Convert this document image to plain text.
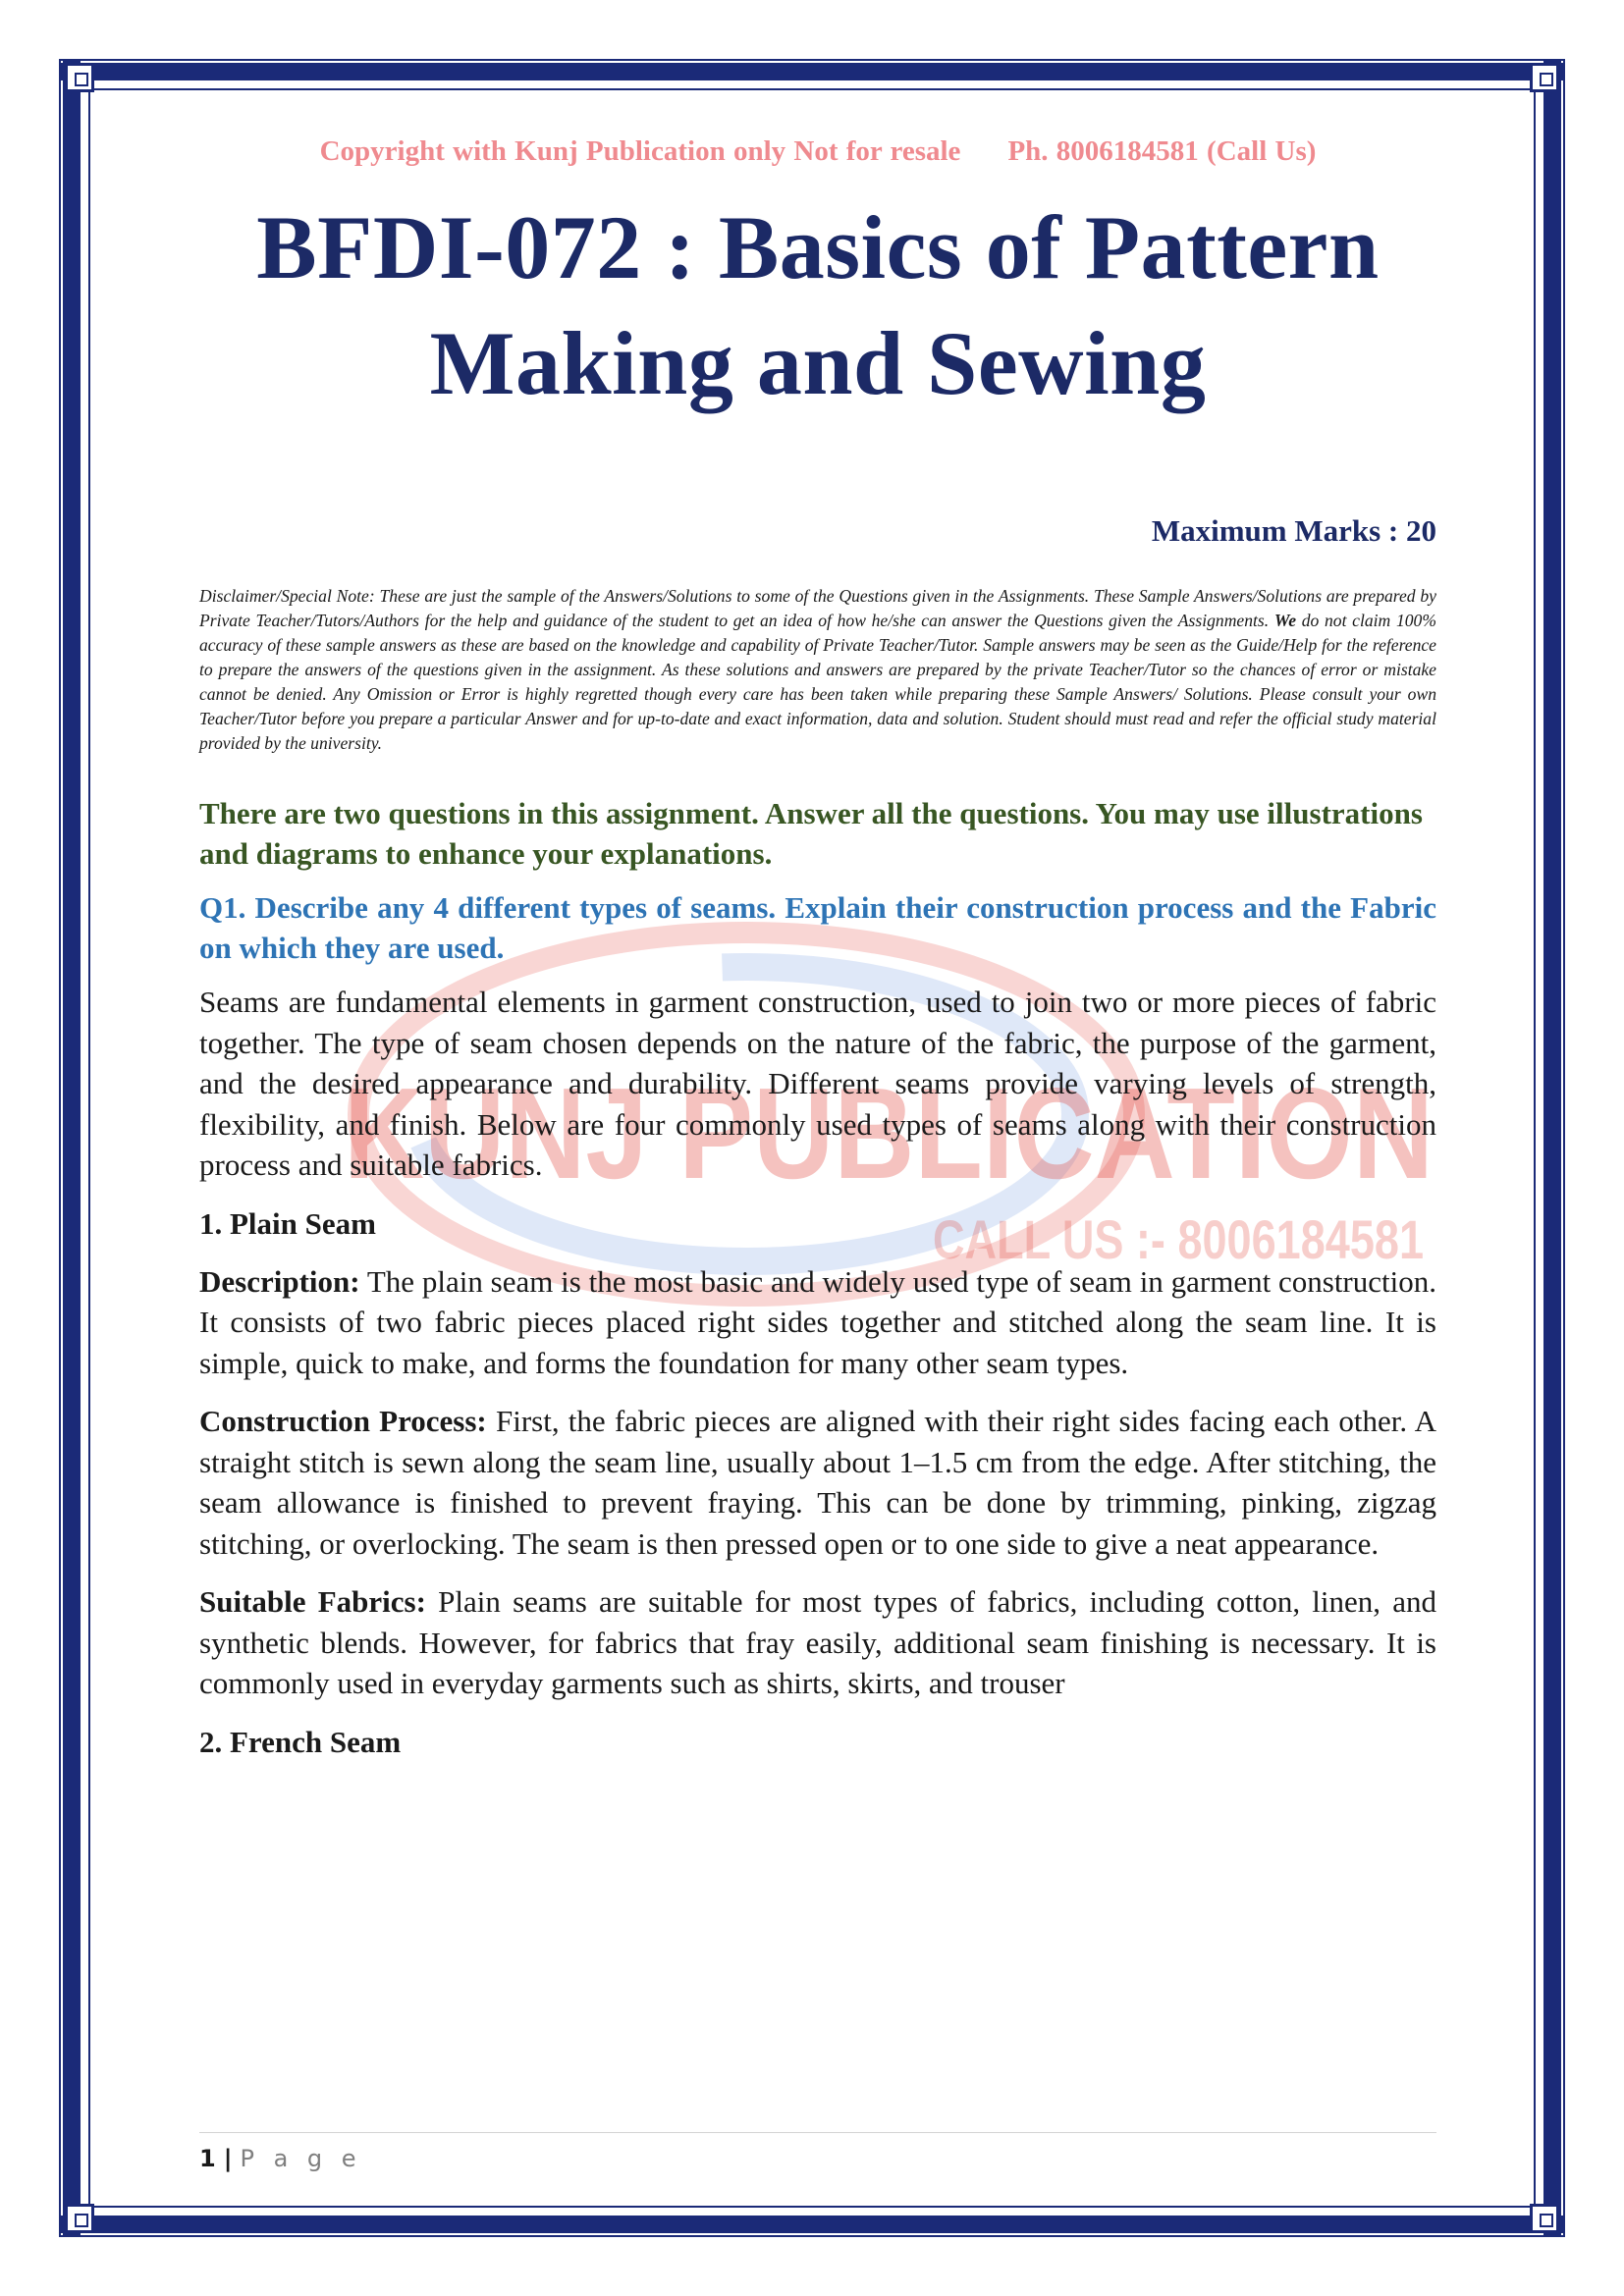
KUNJ PUBLICATION
CALL US :- 8006184581
Copyright with Kunj Publication only Not for resale Ph. 8006184581 (Call Us)
BFDI-072 : Basics of Pattern
Making and Sewing
Maximum Marks : 20

Disclaimer/Special Note: These are just the sample of the Answers/Solutions to some of the Questions given in the Assignments. These Sample Answers/Solutions are prepared by Private Teacher/Tutors/Authors for the help and guidance of the student to get an idea of how he/she can answer the Questions given the Assignments. We do not claim 100% accuracy of these sample answers as these are based on the knowledge and capability of Private Teacher/Tutor. Sample answers may be seen as the Guide/Help for the reference to prepare the answers of the questions given in the assignment. As these solutions and answers are prepared by the private Teacher/Tutor so the chances of error or mistake cannot be denied. Any Omission or Error is highly regretted though every care has been taken while preparing these Sample Answers/ Solutions. Please consult your own Teacher/Tutor before you prepare a particular Answer and for up-to-date and exact information, data and solution. Student should must read and refer the official study material provided by the university.

There are two questions in this assignment. Answer all the questions. You may use illustrations and diagrams to enhance your explanations.

Q1. Describe any 4 different types of seams. Explain their construction process and the Fabric on which they are used.

Seams are fundamental elements in garment construction, used to join two or more pieces of fabric together. The type of seam chosen depends on the nature of the fabric, the purpose of the garment, and the desired appearance and durability. Different seams provide varying levels of strength, flexibility, and finish. Below are four commonly used types of seams along with their construction process and suitable fabrics.

1. Plain Seam

Description: The plain seam is the most basic and widely used type of seam in garment construction. It consists of two fabric pieces placed right sides together and stitched along the seam line. It is simple, quick to make, and forms the foundation for many other seam types.

Construction Process: First, the fabric pieces are aligned with their right sides facing each other. A straight stitch is sewn along the seam line, usually about 1–1.5 cm from the edge. After stitching, the seam allowance is finished to prevent fraying. This can be done by trimming, pinking, zigzag stitching, or overlocking. The seam is then pressed open or to one side to give a neat appearance.

Suitable Fabrics: Plain seams are suitable for most types of fabrics, including cotton, linen, and synthetic blends. However, for fabrics that fray easily, additional seam finishing is necessary. It is commonly used in everyday garments such as shirts, skirts, and trouser

2. French Seam

1 | P a g e
